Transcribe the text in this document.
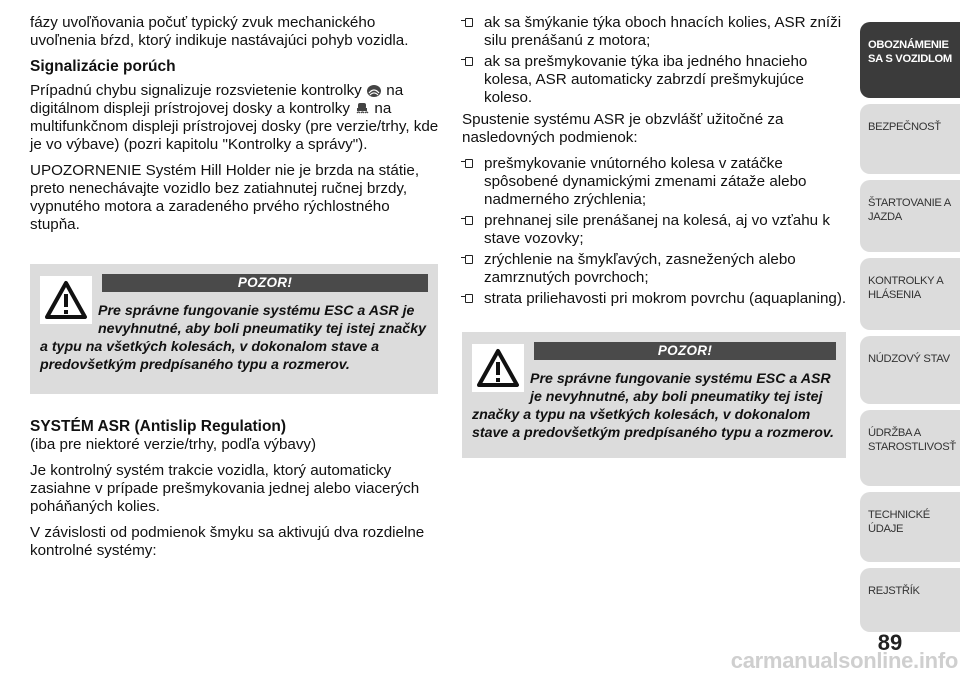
fázy uvoľňovania počuť typický zvuk mechanického uvoľnenia bŕzd, ktorý indikuje nastávajúci pohyb vozidla.

Signalizácie porúch

Prípadnú chybu signalizuje rozsvietenie kontrolky na digitálnom displeji prístrojovej dosky a kontrolky na multifunkčnom displeji prístrojovej dosky (pre verzie/trhy, kde je vo výbave) (pozri kapitolu "Kontrolky a správy").

UPOZORNENIE Systém Hill Holder nie je brzda na státie, preto nenechávajte vozidlo bez zatiahnutej ručnej brzdy, vypnutého motora a zaradeného prvého rýchlostného stupňa.

POZOR!
Pre správne fungovanie systému ESC a ASR je nevyhnutné, aby boli pneumatiky tej istej značky a typu na všetkých kolesách, v dokonalom stave a predovšetkým predpísaného typu a rozmerov.
SYSTÉM ASR (Antislip Regulation)

(iba pre niektoré verzie/trhy, podľa výbavy)

Je kontrolný systém trakcie vozidla, ktorý automaticky zasiahne v prípade prešmykovania jednej alebo viacerých poháňaných kolies.

V závislosti od podmienok šmyku sa aktivujú dva rozdielne kontrolné systémy:

ak sa šmýkanie týka oboch hnacích kolies, ASR zníži silu prenášanú z motora;
ak sa prešmykovanie týka iba jedného hnacieho kolesa, ASR automaticky zabrzdí prešmykujúce koleso.

Spustenie systému ASR je obzvlášť užitočné za nasledovných podmienok:

prešmykovanie vnútorného kolesa v zatáčke spôsobené dynamickými zmenami zátaže alebo nadmerného zrýchlenia;
prehnanej sile prenášanej na kolesá, aj vo vzťahu k stave vozovky;
zrýchlenie na šmykľavých, zasnežených alebo zamrznutých povrchoch;
strata priliehavosti pri mokrom povrchu (aquaplaning).
POZOR!
Pre správne fungovanie systému ESC a ASR je nevyhnutné, aby boli pneumatiky tej istej značky a typu na všetkých kolesách, v dokonalom stave a predovšetkým predpísaného typu a rozmerov.
OBOZNÁMENIE SA S VOZIDLOM
BEZPEČNOSŤ
ŠTARTOVANIE A JAZDA
KONTROLKY A HLÁSENIA
NÚDZOVÝ STAV
ÚDRŽBA A STAROSTLIVOSŤ
TECHNICKÉ ÚDAJE
REJSTŘÍK
89
carmanualsonline.info
